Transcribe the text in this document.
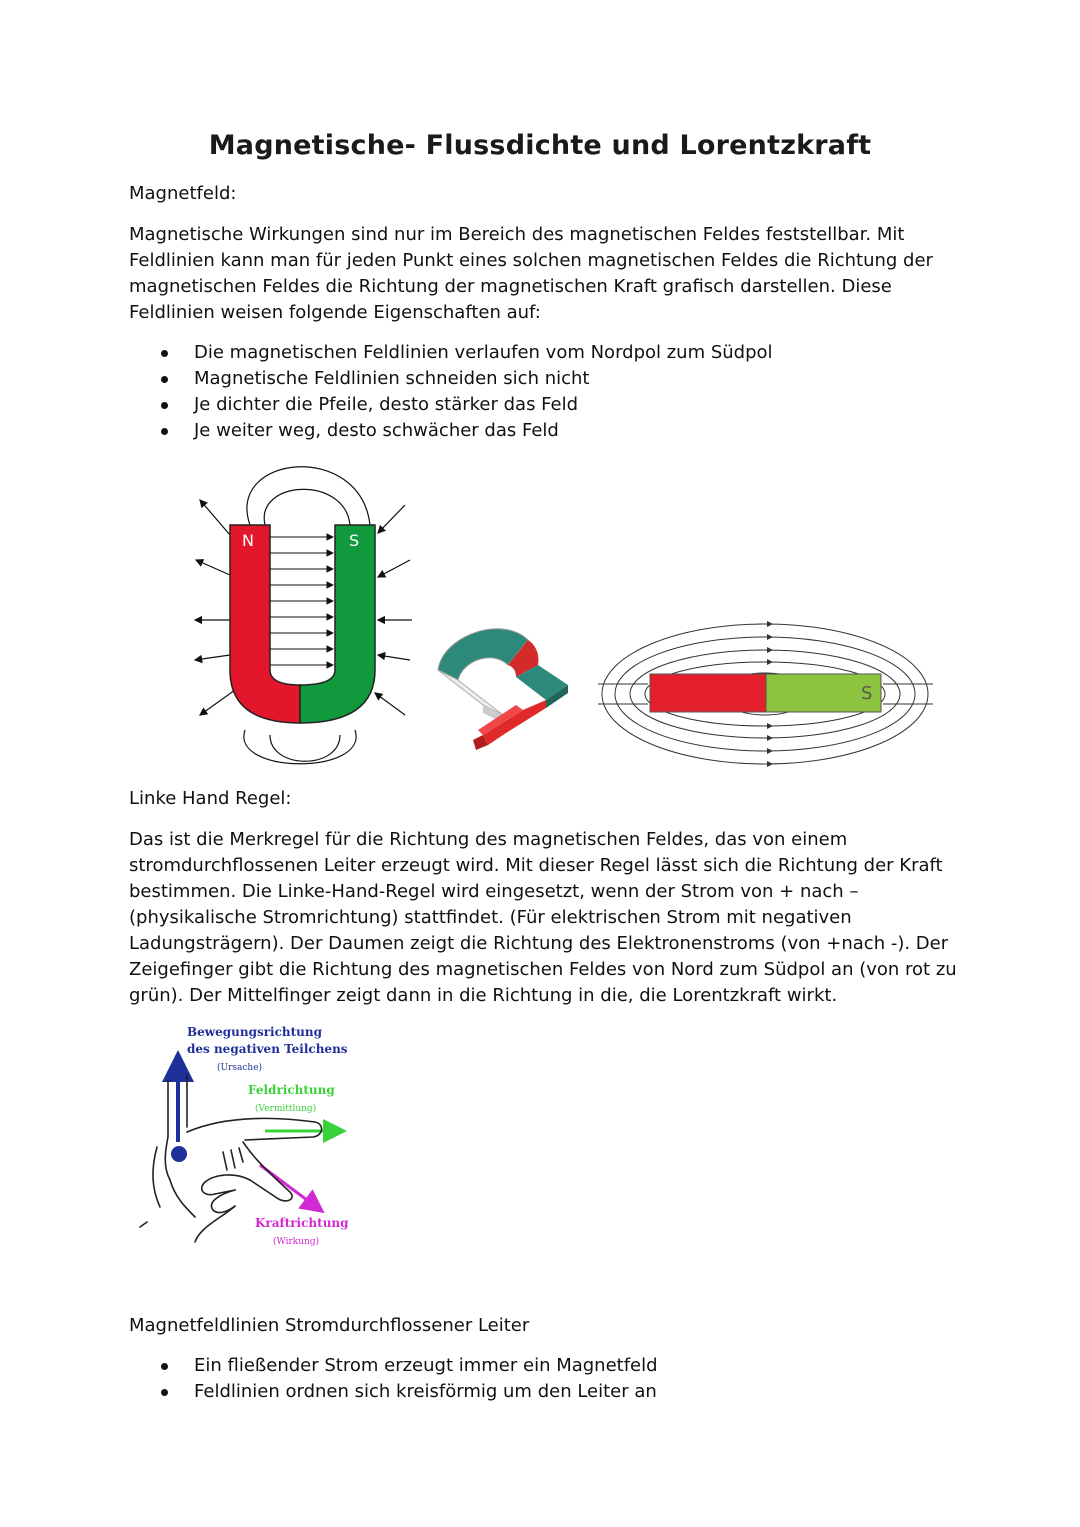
Magnetische- Flussdichte und Lorentzkraft
Magnetfeld:
Magnetische Wirkungen sind nur im Bereich des magnetischen Feldes feststellbar. Mit
Feldlinien kann man für jeden Punkt eines solchen magnetischen Feldes die Richtung der
magnetischen Feldes die Richtung der magnetischen Kraft grafisch darstellen. Diese
Feldlinien weisen folgende Eigenschaften auf:
Die magnetischen Feldlinien verlaufen vom Nordpol zum Südpol
Magnetische Feldlinien schneiden sich nicht
Je dichter die Pfeile, desto stärker das Feld
Je weiter weg, desto schwächer das Feld
N	S
N	S
Linke Hand Regel:
Das ist die Merkregel für die Richtung des magnetischen Feldes, das von einem
stromdurchflossenen Leiter erzeugt wird. Mit dieser Regel lässt sich die Richtung der Kraft
bestimmen. Die Linke-Hand-Regel wird eingesetzt, wenn der Strom von + nach –
(physikalische Stromrichtung) stattfindet. (Für elektrischen Strom mit negativen
Ladungsträgern). Der Daumen zeigt die Richtung des Elektronenstroms (von +nach -). Der
Zeigefinger gibt die Richtung des magnetischen Feldes von Nord zum Südpol an (von rot zu
grün). Der Mittelfinger zeigt dann in die Richtung in die, die Lorentzkraft wirkt.
Bewegungsrichtung
des negativen Teilchens
(Ursache)
Feldrichtung
(Vermittlung)
Kraftrichtung
(Wirkung)
Magnetfeldlinien Stromdurchflossener Leiter
Ein fließender Strom erzeugt immer ein Magnetfeld
Feldlinien ordnen sich kreisförmig um den Leiter an
